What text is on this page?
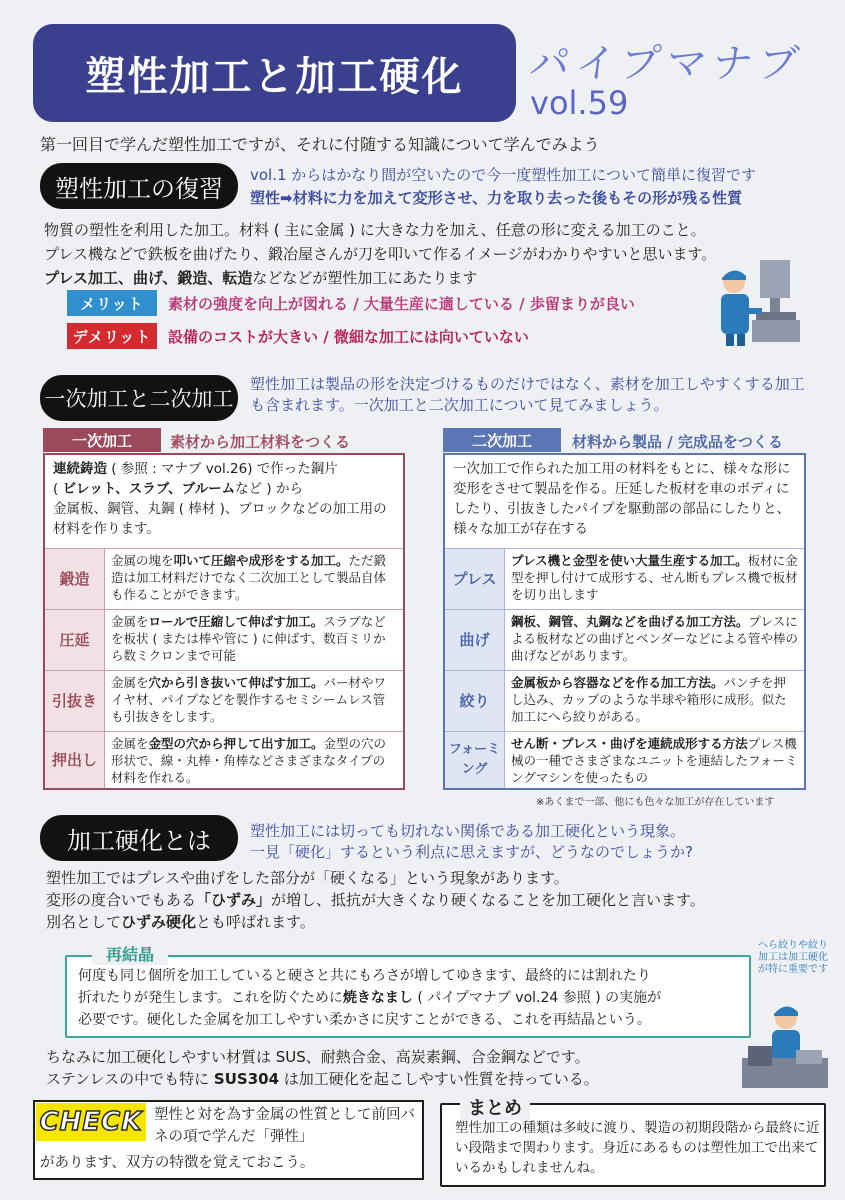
塑性加工と加工硬化	パイプマナブ
vol.59
第一回目で学んだ塑性加工ですが、それに付随する知識について学んでみよう
塑性加工の復習	vol.1 からはかなり間が空いたので今一度塑性加工について簡単に復習です
塑性➡材料に力を加えて変形させ、力を取り去った後もその形が残る性質

物質の塑性を利用した加工。材料 ( 主に金属 ) に大きな力を加え、任意の形に変える加工のこと。

プレス機などで鉄板を曲げたり、鍛冶屋さんが刀を叩いて作るイメージがわかりやすいと思います。

プレス加工、曲げ、鍛造、転造などなどが塑性加工にあたります

メリット	素材の強度を向上が図れる / 大量生産に適している / 歩留まりが良い
デメリット	設備のコストが大きい / 微細な加工には向いていない
一次加工と二次加工
塑性加工は製品の形を決定づけるものだけではなく、素材を加工しやすくする加工も含まれます。一次加工と二次加工について見てみましょう。
一次加工	素材から加工材料をつくる	二次加工	材料から製品 / 完成品をつくる
連続鋳造 ( 参照 : マナブ vol.26) で作った鋼片
( ビレット、スラブ、ブルームなど ) から
金属板、鋼管、丸鋼 ( 棒材 )、ブロックなどの加工用の材料を作ります。
鍛造
金属の塊を叩いて圧縮や成形をする加工。ただ鍛造は加工材料だけでなく二次加工として製品自体も作ることができます。
圧延
金属をロールで圧縮して伸ばす加工。スラブなどを板状 ( または棒や管に ) に伸ばす、数百ミリから数ミクロンまで可能
引抜き
金属を穴から引き抜いて伸ばす加工。バー材やワイヤ材、パイプなどを製作するセミシームレス管も引抜きをします。
押出し
金属を金型の穴から押して出す加工。金型の穴の形状で、線・丸棒・角棒などさまざまなタイプの材料を作れる。
一次加工で作られた加工用の材料をもとに、様々な形に変形をさせて製品を作る。圧延した板材を車のボディにしたり、引抜きしたパイプを駆動部の部品にしたりと、様々な加工が存在する
プレス
プレス機と金型を使い大量生産する加工。板材に金型を押し付けて成形する、せん断もプレス機で板材を切り出します
曲げ
鋼板、鋼管、丸鋼などを曲げる加工方法。プレスによる板材などの曲げとベンダーなどによる管や棒の曲げなどがあります。
絞り
金属板から容器などを作る加工方法。パンチを押し込み、カップのような半球や箱形に成形。似た加工にへら絞りがある。
フォーミング
せん断・プレス・曲げを連続成形する方法プレス機械の一種でさまざまなユニットを連結したフォーミングマシンを使ったもの
※あくまで一部、他にも色々な加工が存在しています
加工硬化とは	塑性加工には切っても切れない関係である加工硬化という現象。
一見「硬化」するという利点に思えますが、どうなのでしょうか?

塑性加工ではプレスや曲げをした部分が「硬くなる」という現象があります。

変形の度合いでもある「ひずみ」が増し、抵抗が大きくなり硬くなることを加工硬化と言います。

別名としてひずみ硬化とも呼ばれます。

再結晶
何度も同じ個所を加工していると硬さと共にもろさが増してゆきます、最終的には割れたり
折れたりが発生します。これを防ぐために焼きなまし ( パイプマナブ vol.24 参照 ) の実施が
必要です。硬化した金属を加工しやすい柔かさに戻すことができる、これを再結晶という。
へら絞りや絞り加工は加工硬化が特に重要です
ちなみに加工硬化しやすい材質は SUS、耐熱合金、高炭素鋼、合金鋼などです。
ステンレスの中でも特に SUS304 は加工硬化を起こしやすい性質を持っている。
CHECK 塑性と対を為す金属の性質として前回バネの項で学んだ「弾性」
があります、双方の特徴を覚えておこう。
まとめ
塑性加工の種類は多岐に渡り、製造の初期段階から最終に近い段階まで関わります。身近にあるものは塑性加工で出来ているかもしれませんね。
